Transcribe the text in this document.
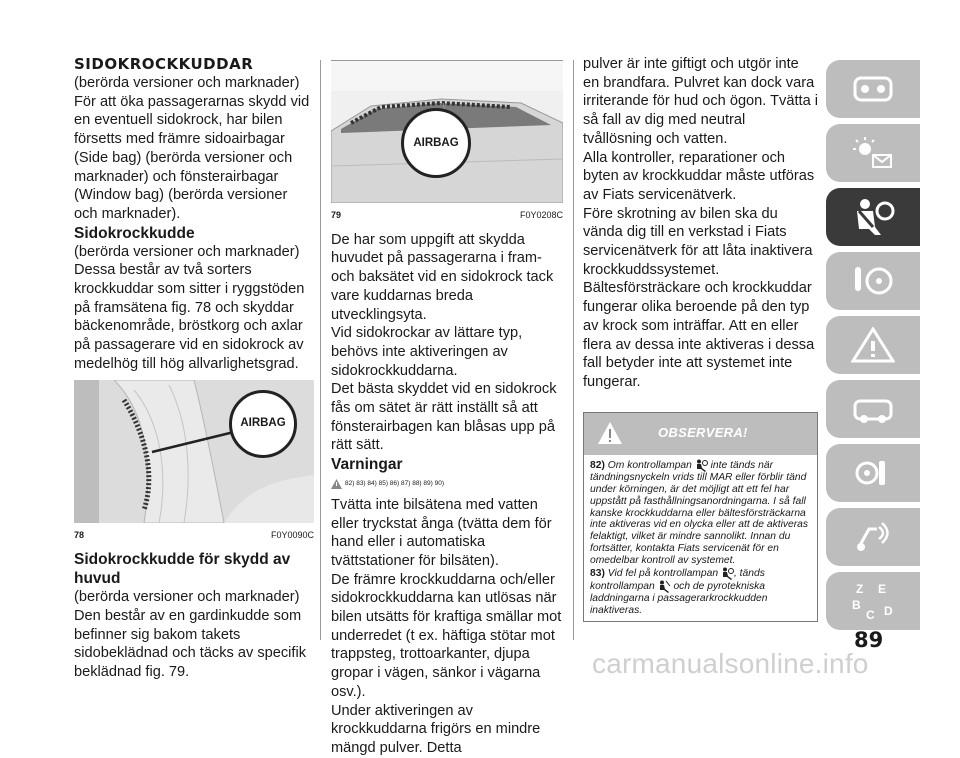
SIDOKROCKKUDDAR

(berörda versioner och marknader)

För att öka passagerarnas skydd vid en eventuell sidokrock, har bilen försetts med främre sidoairbagar (Side bag) (berörda versioner och marknader) och fönsterairbagar (Window bag) (berörda versioner och marknader).

Sidokrockkudde

(berörda versioner och marknader)

Dessa består av två sorters krockkuddar som sitter i ryggstöden på framsätena fig. 78 och skyddar bäckenområde, bröstkorg och axlar på passagerare vid en sidokrock av medelhög till hög allvarlighetsgrad.

AIRBAG
78	F0Y0090C
Sidokrockkudde för skydd av huvud

(berörda versioner och marknader)

Den består av en gardinkudde som befinner sig bakom takets sidobeklädnad och täcks av specifik beklädnad fig. 79.

AIRBAG
79	F0Y0208C

De har som uppgift att skydda huvudet på passagerarna i fram- och baksätet vid en sidokrock tack vare kuddarnas breda utvecklingsyta.

Vid sidokrockar av lättare typ, behövs inte aktiveringen av sidokrockkuddarna.

Det bästa skyddet vid en sidokrock fås om sätet är rätt inställt så att fönsterairbagen kan blåsas upp på rätt sätt.

Varningar
82) 83) 84) 85) 86) 87) 88) 89) 90)

Tvätta inte bilsätena med vatten eller tryckstat ånga (tvätta dem för hand eller i automatiska tvättstationer för bilsäten).

De främre krockkuddarna och/eller sidokrockkuddarna kan utlösas när bilen utsätts för kraftiga smällar mot underredet (t ex. häftiga stötar mot trappsteg, trottoarkanter, djupa gropar i vägen, sänkor i vägarna osv.).

Under aktiveringen av krockkuddarna frigörs en mindre mängd pulver. Detta

pulver är inte giftigt och utgör inte en brandfara. Pulvret kan dock vara irriterande för hud och ögon. Tvätta i så fall av dig med neutral tvållösning och vatten.

Alla kontroller, reparationer och byten av krockkuddar måste utföras av Fiats servicenätverk.

Före skrotning av bilen ska du vända dig till en verkstad i Fiats servicenätverk för att låta inaktivera krockkuddssystemet.

Bältesförsträckare och krockkuddar fungerar olika beroende på den typ av krock som inträffar. Att en eller flera av dessa inte aktiveras i dessa fall betyder inte att systemet inte fungerar.

OBSERVERA!
82) Om kontrollampan inte tänds när tändningsnyckeln vrids till MAR eller förblir tänd under körningen, är det möjligt att ett fel har uppstått på fasthållningsanordningarna. I så fall kanske krockkuddarna eller bältesförsträckarna inte aktiveras vid en olycka eller att de aktiveras felaktigt, vilket är mindre sannolikt. Innan du fortsätter, kontakta Fiats servicenät för en omedelbar kontroll av systemet.
83) Vid fel på kontrollampan , tänds kontrollampan och de pyrotekniska laddningarna i passagerarkrockkudden inaktiveras.
Z E
B
C D
89
carmanualsonline.info
